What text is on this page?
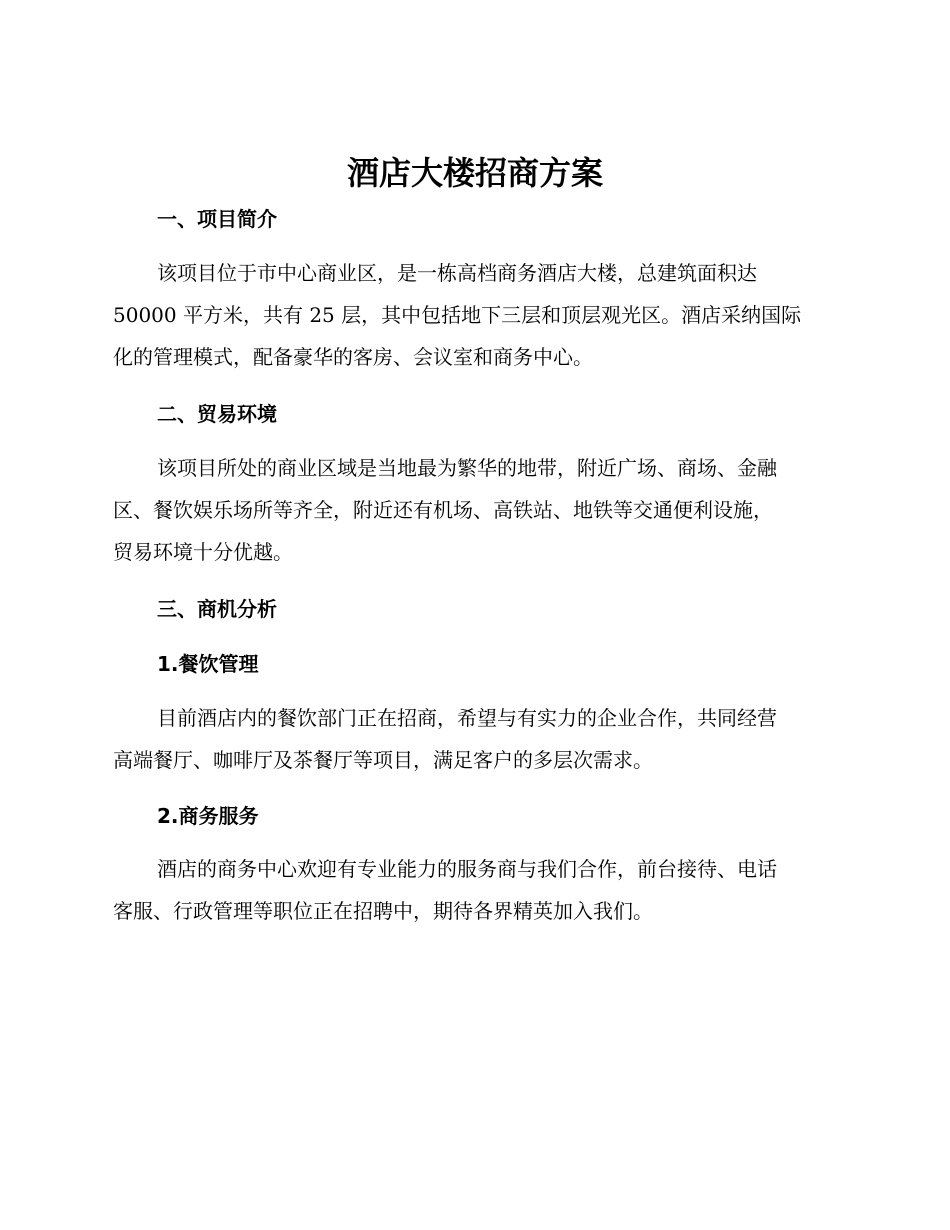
酒店大楼招商方案
一、项目简介

该项目位于市中心商业区，是一栋高档商务酒店大楼，总建筑面积达
50000 平方米，共有 25 层，其中包括地下三层和顶层观光区。酒店采纳国际
化的管理模式，配备豪华的客房、会议室和商务中心。

二、贸易环境

该项目所处的商业区域是当地最为繁华的地带，附近广场、商场、金融
区、餐饮娱乐场所等齐全，附近还有机场、高铁站、地铁等交通便利设施，
贸易环境十分优越。

三、商机分析
1.餐饮管理

目前酒店内的餐饮部门正在招商，希望与有实力的企业合作，共同经营
高端餐厅、咖啡厅及茶餐厅等项目，满足客户的多层次需求。

2.商务服务

酒店的商务中心欢迎有专业能力的服务商与我们合作，前台接待、电话
客服、行政管理等职位正在招聘中，期待各界精英加入我们。
